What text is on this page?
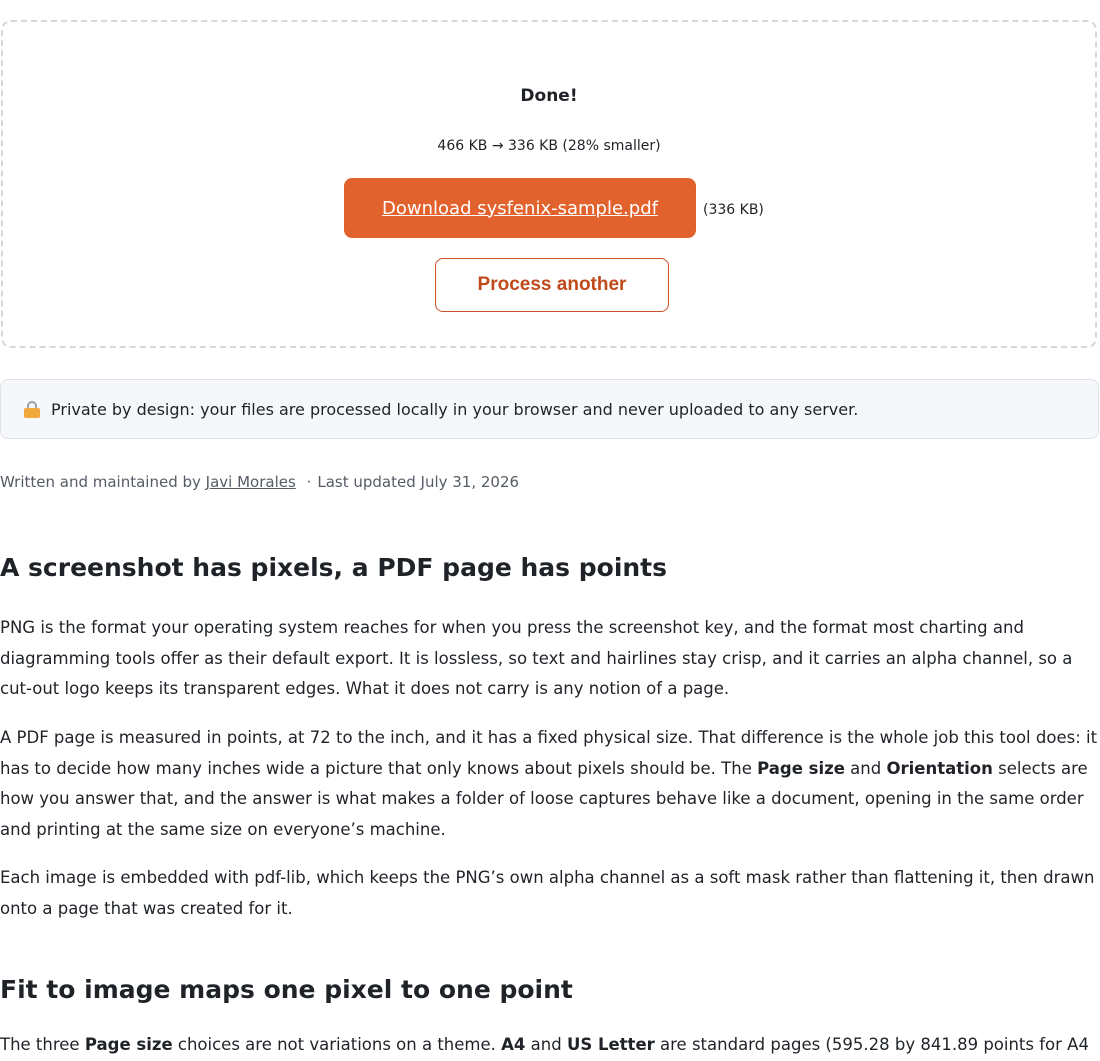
Done!
466 KB → 336 KB (28% smaller)
Download sysfenix-sample.pdf	(336 KB)
Process another
Private by design: your files are processed locally in your browser and never uploaded to any server.
Written and maintained by Javi Morales · Last updated July 31, 2026
A screenshot has pixels, a PDF page has points

PNG is the format your operating system reaches for when you press the screenshot key, and the format most charting and diagramming tools offer as their default export. It is lossless, so text and hairlines stay crisp, and it carries an alpha channel, so a cut-out logo keeps its transparent edges. What it does not carry is any notion of a page.

A PDF page is measured in points, at 72 to the inch, and it has a fixed physical size. That difference is the whole job this tool does: it has to decide how many inches wide a picture that only knows about pixels should be. The Page size and Orientation selects are how you answer that, and the answer is what makes a folder of loose captures behave like a document, opening in the same order and printing at the same size on everyone’s machine.

Each image is embedded with pdf-lib, which keeps the PNG’s own alpha channel as a soft mask rather than flattening it, then drawn onto a page that was created for it.

Fit to image maps one pixel to one point

The three Page size choices are not variations on a theme. A4 and US Letter are standard pages (595.28 by 841.89 points for A4
